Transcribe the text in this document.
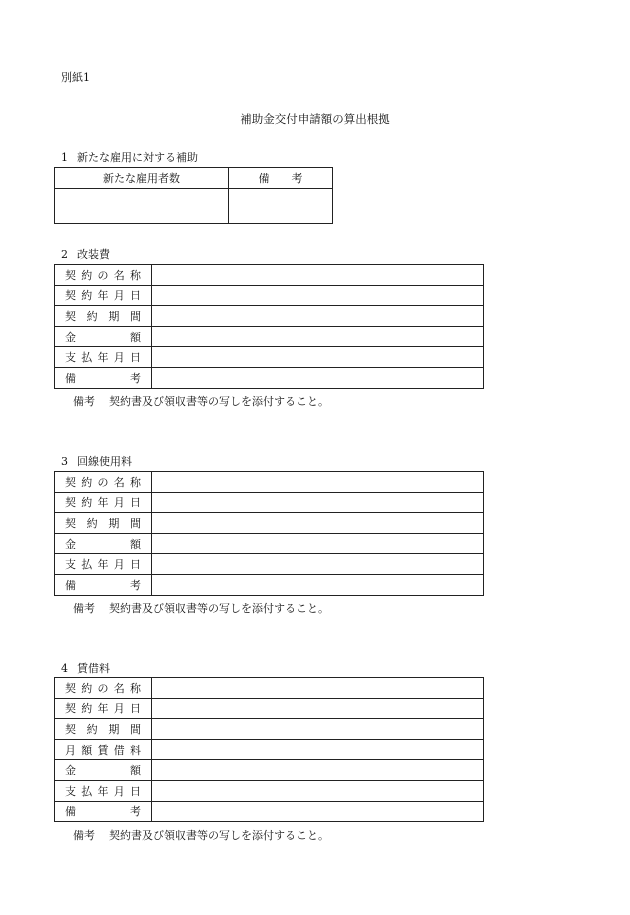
別紙1
補助金交付申請額の算出根拠
1 新たな雇用に対する補助
新たな雇用者数	備　　考

2 改装費
契約の名称	
契約年月日	
契 約 期 間	
金　　額	
支払年月日	
備　　考	
備考 契約書及び領収書等の写しを添付すること。
3 回線使用料
契約の名称	
契約年月日	
契 約 期 間	
金　　額	
支払年月日	
備　　考	
備考 契約書及び領収書等の写しを添付すること。
4 賃借料
契約の名称	
契約年月日	
契 約 期 間	
月額賃借料	
金　　額	
支払年月日	
備　　考	
備考 契約書及び領収書等の写しを添付すること。
